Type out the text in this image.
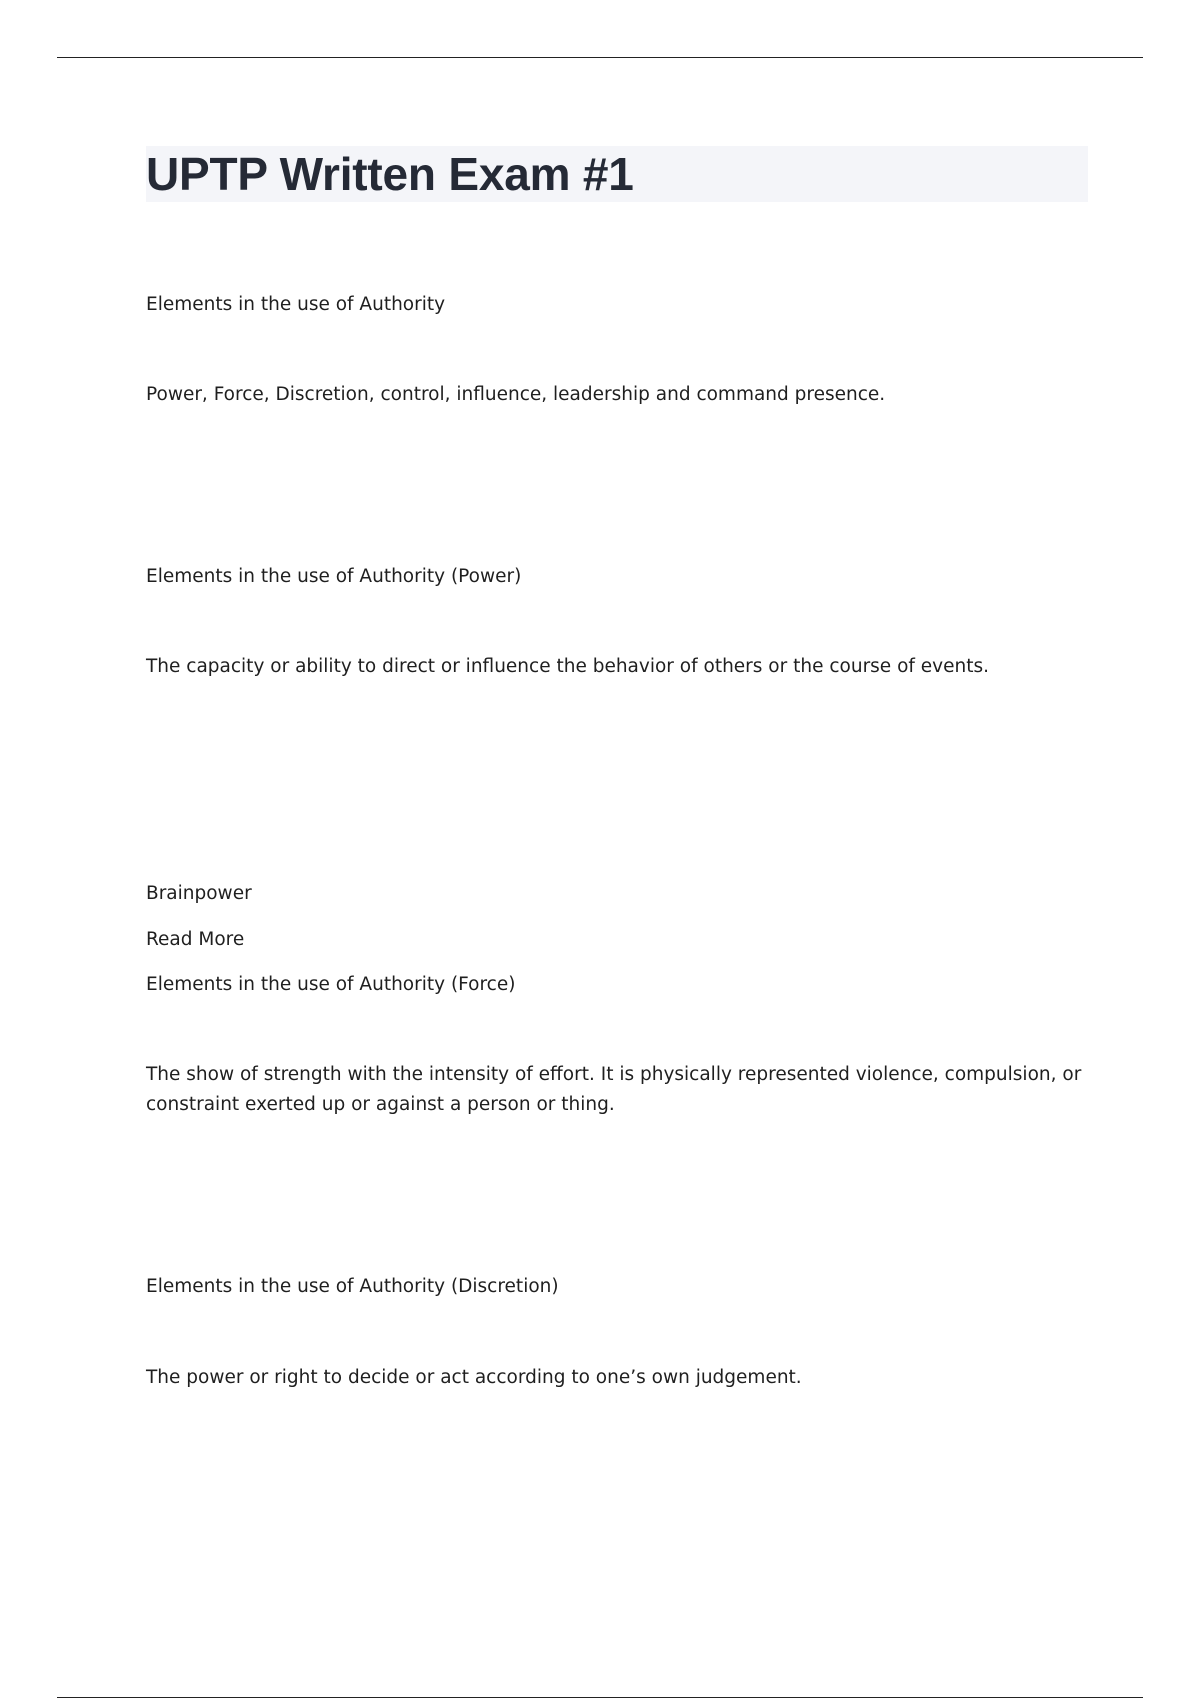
UPTP Written Exam #1

Elements in the use of Authority

Power, Force, Discretion, control, influence, leadership and command presence.

Elements in the use of Authority (Power)

The capacity or ability to direct or influence the behavior of others or the course of events.

Brainpower

Read More

Elements in the use of Authority (Force)

The show of strength with the intensity of effort. It is physically represented violence, compulsion, or constraint exerted up or against a person or thing.

Elements in the use of Authority (Discretion)

The power or right to decide or act according to one’s own judgement.
